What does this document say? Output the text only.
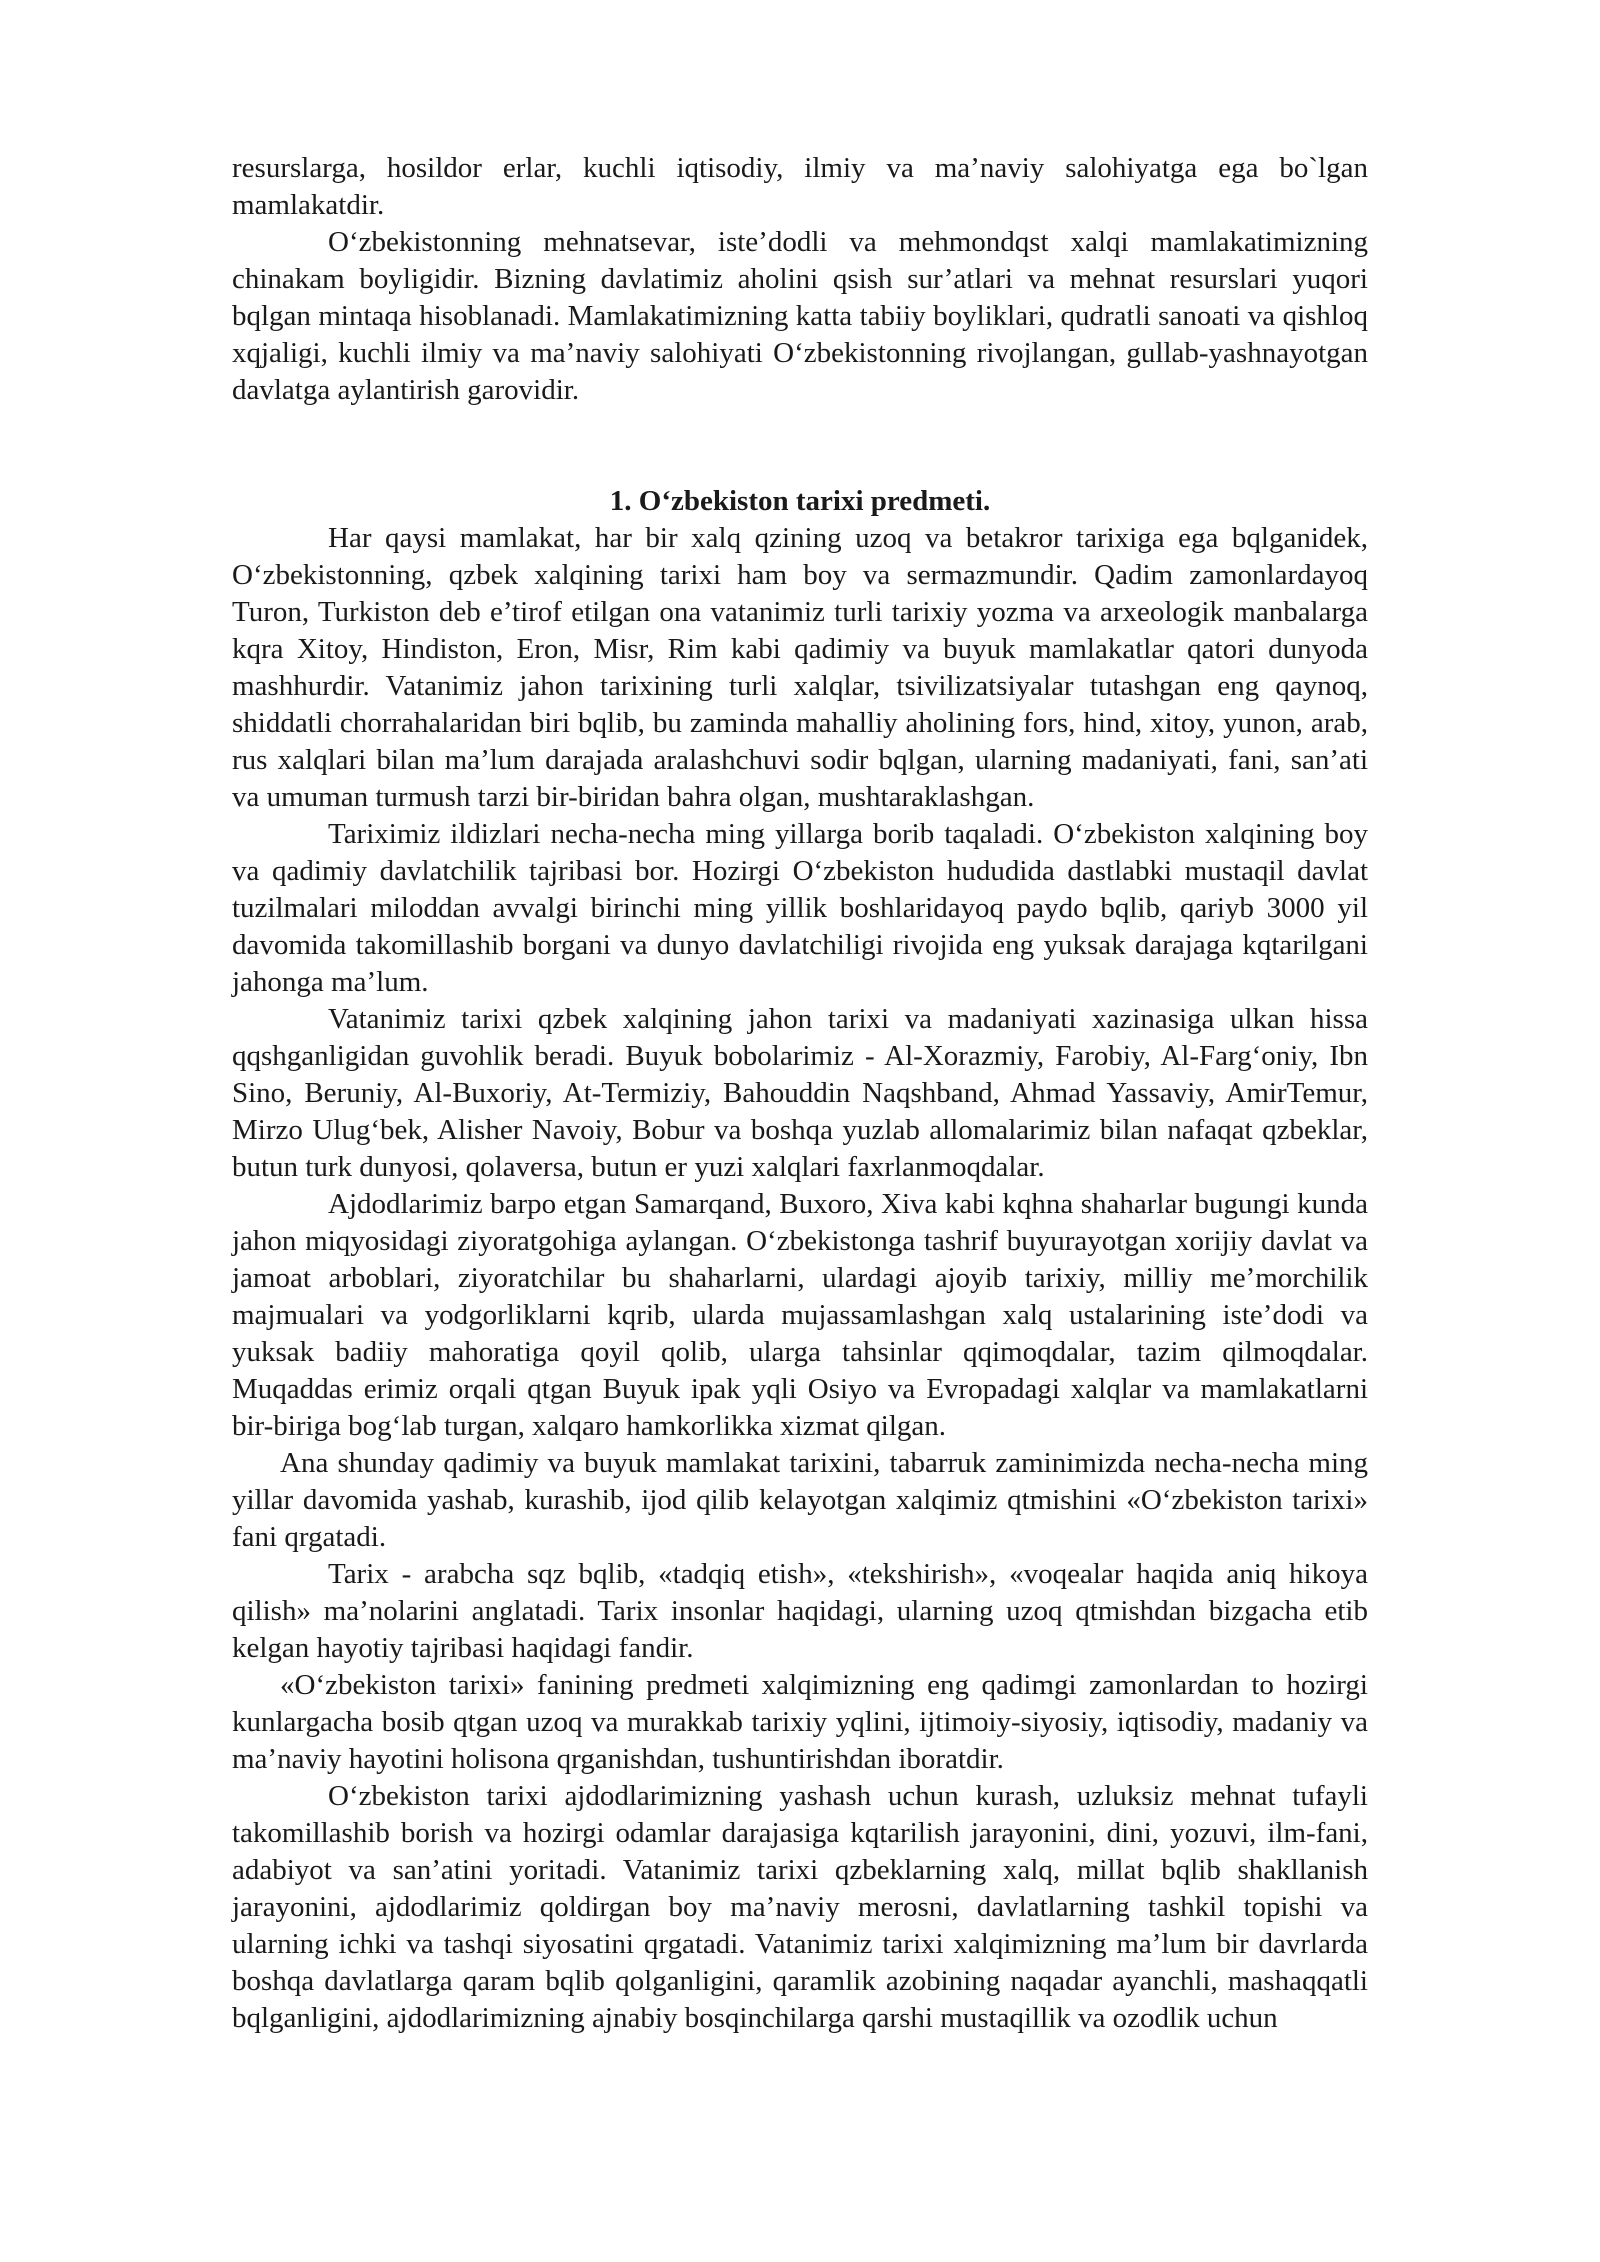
resurslarga, hosildor erlar, kuchli iqtisodiy, ilmiy va ma’naviy salohiyatga ega bo`lgan mamlakatdir.

O‘zbekistonning mehnatsevar, iste’dodli va mehmondqst xalqi mamlakatimizning chinakam boyligidir. Bizning davlatimiz aholini qsish sur’atlari va mehnat resurslari yuqori bqlgan mintaqa hisoblanadi. Mamlakatimizning katta tabiiy boyliklari, qudratli sanoati va qishloq xqjaligi, kuchli ilmiy va ma’naviy salohiyati O‘zbekistonning rivojlangan, gullab-yashnayotgan davlatga aylantirish garovidir.

1. O‘zbekiston tarixi predmeti.

Har qaysi mamlakat, har bir xalq qzining uzoq va betakror tarixiga ega bqlganidek, O‘zbekistonning, qzbek xalqining tarixi ham boy va sermazmundir. Qadim zamonlardayoq Turon, Turkiston deb e’tirof etilgan ona vatanimiz turli tarixiy yozma va arxeologik manbalarga kqra Xitoy, Hindiston, Eron, Misr, Rim kabi qadimiy va buyuk mamlakatlar qatori dunyoda mashhurdir. Vatanimiz jahon tarixining turli xalqlar, tsivilizatsiyalar tutashgan eng qaynoq, shiddatli chorrahalaridan biri bqlib, bu zaminda mahalliy aholining fors, hind, xitoy, yunon, arab, rus xalqlari bilan ma’lum darajada aralashchuvi sodir bqlgan, ularning madaniyati, fani, san’ati va umuman turmush tarzi bir-biridan bahra olgan, mushtaraklashgan.

Tariximiz ildizlari necha-necha ming yillarga borib taqaladi. O‘zbekiston xalqining boy va qadimiy davlatchilik tajribasi bor. Hozirgi O‘zbekiston hududida dastlabki mustaqil davlat tuzilmalari miloddan avvalgi birinchi ming yillik boshlaridayoq paydo bqlib, qariyb 3000 yil davomida takomillashib borgani va dunyo davlatchiligi rivojida eng yuksak darajaga kqtarilgani jahonga ma’lum.

Vatanimiz tarixi qzbek xalqining jahon tarixi va madaniyati xazinasiga ulkan hissa qqshganligidan guvohlik beradi. Buyuk bobolarimiz - Al-Xorazmiy, Farobiy, Al-Farg‘oniy, Ibn Sino, Beruniy, Al-Buxoriy, At-Termiziy, Bahouddin Naqshband, Ahmad Yassaviy, AmirTemur, Mirzo Ulug‘bek, Alisher Navoiy, Bobur va boshqa yuzlab allomalarimiz bilan nafaqat qzbeklar, butun turk dunyosi, qolaversa, butun er yuzi xalqlari faxrlanmoqdalar.

Ajdodlarimiz barpo etgan Samarqand, Buxoro, Xiva kabi kqhna shaharlar bugungi kunda jahon miqyosidagi ziyoratgohiga aylangan. O‘zbekistonga tashrif buyurayotgan xorijiy davlat va jamoat arboblari, ziyoratchilar bu shaharlarni, ulardagi ajoyib tarixiy, milliy me’morchilik majmualari va yodgorliklarni kqrib, ularda mujassamlashgan xalq ustalarining iste’dodi va yuksak badiiy mahoratiga qoyil qolib, ularga tahsinlar qqimoqdalar, tazim qilmoqdalar. Muqaddas erimiz orqali qtgan Buyuk ipak yqli Osiyo va Evropadagi xalqlar va mamlakatlarni bir-biriga bog‘lab turgan, xalqaro hamkorlikka xizmat qilgan.

Ana shunday qadimiy va buyuk mamlakat tarixini, tabarruk zaminimizda necha-necha ming yillar davomida yashab, kurashib, ijod qilib kelayotgan xalqimiz qtmishini «O‘zbekiston tarixi» fani qrgatadi.

Tarix - arabcha sqz bqlib, «tadqiq etish», «tekshirish», «voqealar haqida aniq hikoya qilish» ma’nolarini anglatadi. Tarix insonlar haqidagi, ularning uzoq qtmishdan bizgacha etib kelgan hayotiy tajribasi haqidagi fandir.

«O‘zbekiston tarixi» fanining predmeti xalqimizning eng qadimgi zamonlardan to hozirgi kunlargacha bosib qtgan uzoq va murakkab tarixiy yqlini, ijtimoiy-siyosiy, iqtisodiy, madaniy va ma’naviy hayotini holisona qrganishdan, tushuntirishdan iboratdir.

O‘zbekiston tarixi ajdodlarimizning yashash uchun kurash, uzluksiz mehnat tufayli takomillashib borish va hozirgi odamlar darajasiga kqtarilish jarayonini, dini, yozuvi, ilm-fani, adabiyot va san’atini yoritadi. Vatanimiz tarixi qzbeklarning xalq, millat bqlib shakllanish jarayonini, ajdodlarimiz qoldirgan boy ma’naviy merosni, davlatlarning tashkil topishi va ularning ichki va tashqi siyosatini qrgatadi. Vatanimiz tarixi xalqimizning ma’lum bir davrlarda boshqa davlatlarga qaram bqlib qolganligini, qaramlik azobining naqadar ayanchli, mashaqqatli bqlganligini, ajdodlarimizning ajnabiy bosqinchilarga qarshi mustaqillik va ozodlik uchun
